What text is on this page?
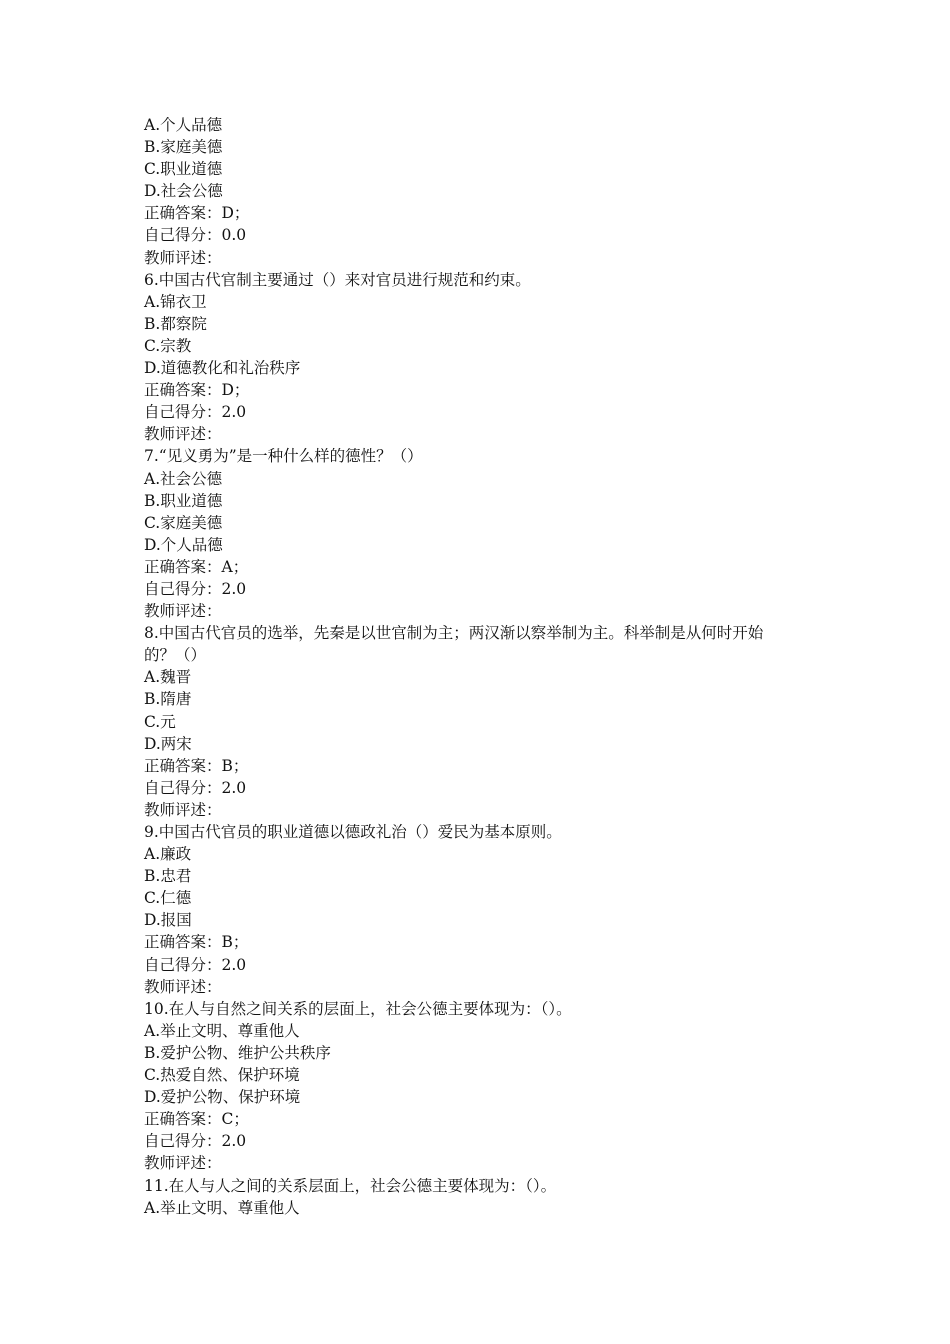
A.个人品德
B.家庭美德
C.职业道德
D.社会公德
正确答案：D；
自己得分：0.0
教师评述：
6.中国古代官制主要通过（）来对官员进行规范和约束。
A.锦衣卫
B.都察院
C.宗教
D.道德教化和礼治秩序
正确答案：D；
自己得分：2.0
教师评述：
7.“见义勇为”是一种什么样的德性？（）
A.社会公德
B.职业道德
C.家庭美德
D.个人品德
正确答案：A；
自己得分：2.0
教师评述：
8.中国古代官员的选举，先秦是以世官制为主；两汉渐以察举制为主。科举制是从何时开始
的？（）
A.魏晋
B.隋唐
C.元
D.两宋
正确答案：B；
自己得分：2.0
教师评述：
9.中国古代官员的职业道德以德政礼治（）爱民为基本原则。
A.廉政
B.忠君
C.仁德
D.报国
正确答案：B；
自己得分：2.0
教师评述：
10.在人与自然之间关系的层面上，社会公德主要体现为：（）。
A.举止文明、尊重他人
B.爱护公物、维护公共秩序
C.热爱自然、保护环境
D.爱护公物、保护环境
正确答案：C；
自己得分：2.0
教师评述：
11.在人与人之间的关系层面上，社会公德主要体现为：（）。
A.举止文明、尊重他人
